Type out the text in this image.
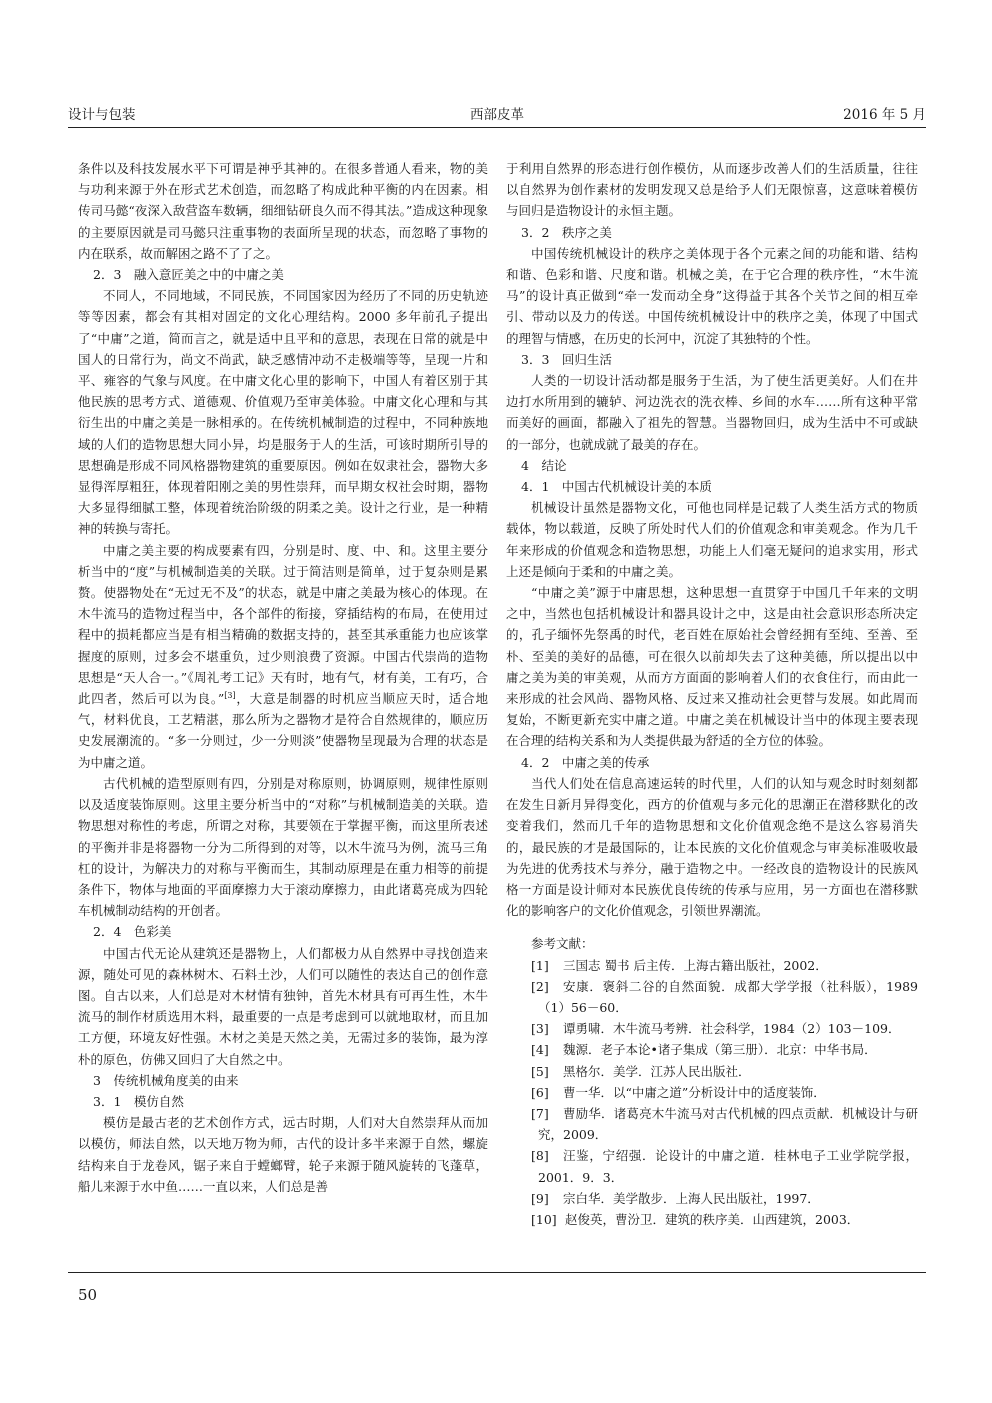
设计与包装	西部皮革	2016 年 5 月

条件以及科技发展水平下可谓是神乎其神的。在很多普通人看来，物的美与功利来源于外在形式艺术创造，而忽略了构成此种平衡的内在因素。相传司马懿“夜深入敌营盗车数辆，细细钻研良久而不得其法。”造成这种现象的主要原因就是司马懿只注重事物的表面所呈现的状态，而忽略了事物的内在联系，故而解困之路不了了之。

2．3　融入意匠美之中的中庸之美

不同人，不同地域，不同民族，不同国家因为经历了不同的历史轨迹等等因素，都会有其相对固定的文化心理结构。2000 多年前孔子提出了“中庸”之道，简而言之，就是适中且平和的意思，表现在日常的就是中国人的日常行为，尚文不尚武，缺乏感情冲动不走极端等等，呈现一片和平、雍容的气象与风度。在中庸文化心里的影响下，中国人有着区别于其他民族的思考方式、道德观、价值观乃至审美体验。中庸文化心理和与其衍生出的中庸之美是一脉相承的。在传统机械制造的过程中，不同种族地域的人们的造物思想大同小异，均是服务于人的生活，可该时期所引导的思想确是形成不同风格器物建筑的重要原因。例如在奴隶社会，器物大多显得浑厚粗狂，体现着阳刚之美的男性崇拜，而早期女权社会时期，器物大多显得细腻工整，体现着统治阶级的阴柔之美。设计之行业，是一种精神的转换与寄托。

中庸之美主要的构成要素有四，分别是时、度、中、和。这里主要分析当中的“度”与机械制造美的关联。过于简洁则是简单，过于复杂则是累赘。使器物处在“无过无不及”的状态，就是中庸之美最为核心的体现。在木牛流马的造物过程当中，各个部件的衔接，穿插结构的布局，在使用过程中的损耗都应当是有相当精确的数据支持的，甚至其承重能力也应该掌握度的原则，过多会不堪重负，过少则浪费了资源。中国古代崇尚的造物思想是“天人合一。”《周礼考工记》天有时，地有气，材有美，工有巧，合此四者，然后可以为良。”[3]，大意是制器的时机应当顺应天时，适合地气，材料优良，工艺精湛，那么所为之器物才是符合自然规律的，顺应历史发展潮流的。“多一分则过，少一分则淡”使器物呈现最为合理的状态是为中庸之道。

古代机械的造型原则有四，分别是对称原则，协调原则，规律性原则以及适度装饰原则。这里主要分析当中的“对称”与机械制造美的关联。造物思想对称性的考虑，所谓之对称，其要领在于掌握平衡，而这里所表述的平衡并非是将器物一分为二所得到的对等，以木牛流马为例，流马三角杠的设计，为解决力的对称与平衡而生，其制动原理是在重力相等的前提条件下，物体与地面的平面摩擦力大于滚动摩擦力，由此诸葛亮成为四轮车机械制动结构的开创者。

2．4　色彩美

中国古代无论从建筑还是器物上，人们都极力从自然界中寻找创造来源，随处可见的森林树木、石料土沙，人们可以随性的表达自己的创作意图。自古以来，人们总是对木材情有独钟，首先木材具有可再生性，木牛流马的制作材质选用木料，最重要的一点是考虑到可以就地取材，而且加工方便，环境友好性强。木材之美是天然之美，无需过多的装饰，最为淳朴的原色，仿佛又回归了大自然之中。

3　传统机械角度美的由来

3．1　模仿自然

模仿是最古老的艺术创作方式，远古时期，人们对大自然崇拜从而加以模仿，师法自然，以天地万物为师，古代的设计多半来源于自然，螺旋结构来自于龙卷风，锯子来自于螳螂臂，轮子来源于随风旋转的飞蓬草，船儿来源于水中鱼……一直以来，人们总是善

于利用自然界的形态进行创作模仿，从而逐步改善人们的生活质量，往往以自然界为创作素材的发明发现又总是给予人们无限惊喜，这意味着模仿与回归是造物设计的永恒主题。

3．2　秩序之美

中国传统机械设计的秩序之美体现于各个元素之间的功能和谐、结构和谐、色彩和谐、尺度和谐。机械之美，在于它合理的秩序性，“木牛流马”的设计真正做到“牵一发而动全身”这得益于其各个关节之间的相互牵引、带动以及力的传送。中国传统机械设计中的秩序之美，体现了中国式的理智与情感，在历史的长河中，沉淀了其独特的个性。

3．3　回归生活

人类的一切设计活动都是服务于生活，为了使生活更美好。人们在井边打水所用到的辘轳、河边洗衣的洗衣棒、乡间的水车……所有这种平常而美好的画面，都融入了祖先的智慧。当器物回归，成为生活中不可或缺的一部分，也就成就了最美的存在。

4　结论

4．1　中国古代机械设计美的本质

机械设计虽然是器物文化，可他也同样是记载了人类生活方式的物质载体，物以载道，反映了所处时代人们的价值观念和审美观念。作为几千年来形成的价值观念和造物思想，功能上人们毫无疑问的追求实用，形式上还是倾向于柔和的中庸之美。

“中庸之美”源于中庸思想，这种思想一直贯穿于中国几千年来的文明之中，当然也包括机械设计和器具设计之中，这是由社会意识形态所决定的，孔子缅怀先祭禹的时代，老百姓在原始社会曾经拥有至纯、至善、至朴、至美的美好的品德，可在很久以前却失去了这种美德，所以提出以中庸之美为美的审美观，从而方方面面的影响着人们的衣食住行，而由此一来形成的社会风尚、器物风格、反过来又推动社会更替与发展。如此周而复始，不断更新充实中庸之道。中庸之美在机械设计当中的体现主要表现在合理的结构关系和为人类提供最为舒适的全方位的体验。

4．2　中庸之美的传承

当代人们处在信息高速运转的时代里，人们的认知与观念时时刻刻都在发生日新月异得变化，西方的价值观与多元化的思潮正在潜移默化的改变着我们，然而几千年的造物思想和文化价值观念绝不是这么容易消失的，最民族的才是最国际的，让本民族的文化价值观念与审美标准吸收最为先进的优秀技术与养分，融于造物之中。一经改良的造物设计的民族风格一方面是设计师对本民族优良传统的传承与应用，另一方面也在潜移默化的影响客户的文化价值观念，引领世界潮流。

参考文献：

[1] 三国志 蜀书 后主传．上海古籍出版社，2002．

[2] 安康．褒斜二谷的自然面貌．成都大学学报（社科版），1989（1）56－60．

[3] 谭勇啸．木牛流马考辨．社会科学，1984（2）103－109．

[4] 魏源．老子本论•诸子集成（第三册）．北京：中华书局．

[5] 黑格尔．美学．江苏人民出版社．

[6] 曹一华．以“中庸之道”分析设计中的适度装饰．

[7] 曹励华．诸葛亮木牛流马对古代机械的四点贡献．机械设计与研究，2009．

[8] 汪鉴，宁绍强．论设计的中庸之道．桂林电子工业学院学报，2001．9．3．

[9] 宗白华．美学散步．上海人民出版社，1997．

[10] 赵俊英，曹汾卫．建筑的秩序美．山西建筑，2003．

50
